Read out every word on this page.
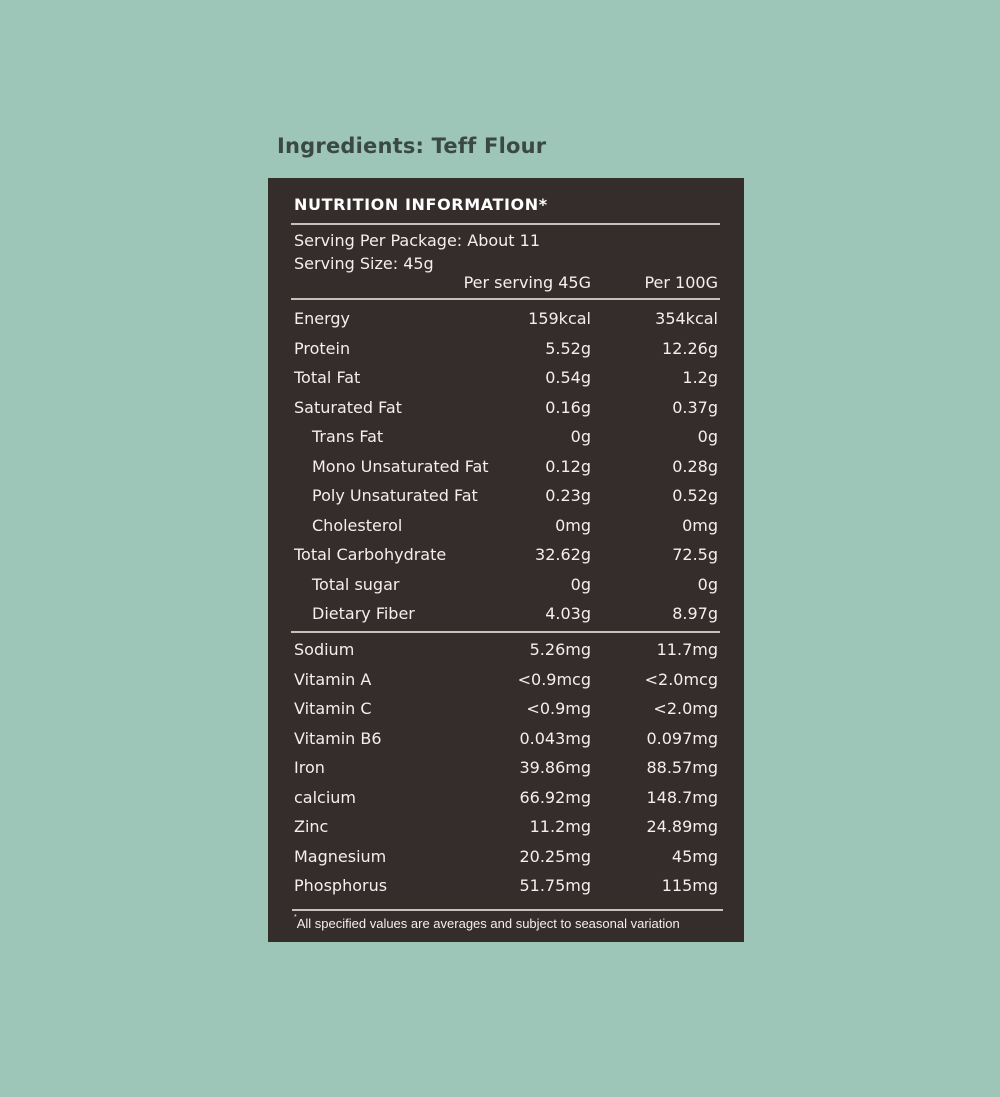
Ingredients: Teff Flour
NUTRITION INFORMATION*
Serving Per Package: About 11
Serving Size: 45g
Per serving 45G	Per 100G
Energy	159kcal	354kcal
Protein	5.52g	12.26g
Total Fat	0.54g	1.2g
Saturated Fat	0.16g	0.37g
Trans Fat	0g	0g
Mono Unsaturated Fat	0.12g	0.28g
Poly Unsaturated Fat	0.23g	0.52g
Cholesterol	0mg	0mg
Total Carbohydrate	32.62g	72.5g
Total sugar	0g	0g
Dietary Fiber	4.03g	8.97g
Sodium	5.26mg	11.7mg
Vitamin A	<0.9mcg	<2.0mcg
Vitamin C	<0.9mg	<2.0mg
Vitamin B6	0.043mg	0.097mg
Iron	39.86mg	88.57mg
calcium	66.92mg	148.7mg
Zinc	11.2mg	24.89mg
Magnesium	20.25mg	45mg
Phosphorus	51.75mg	115mg
*All specified values are averages and subject to seasonal variation
